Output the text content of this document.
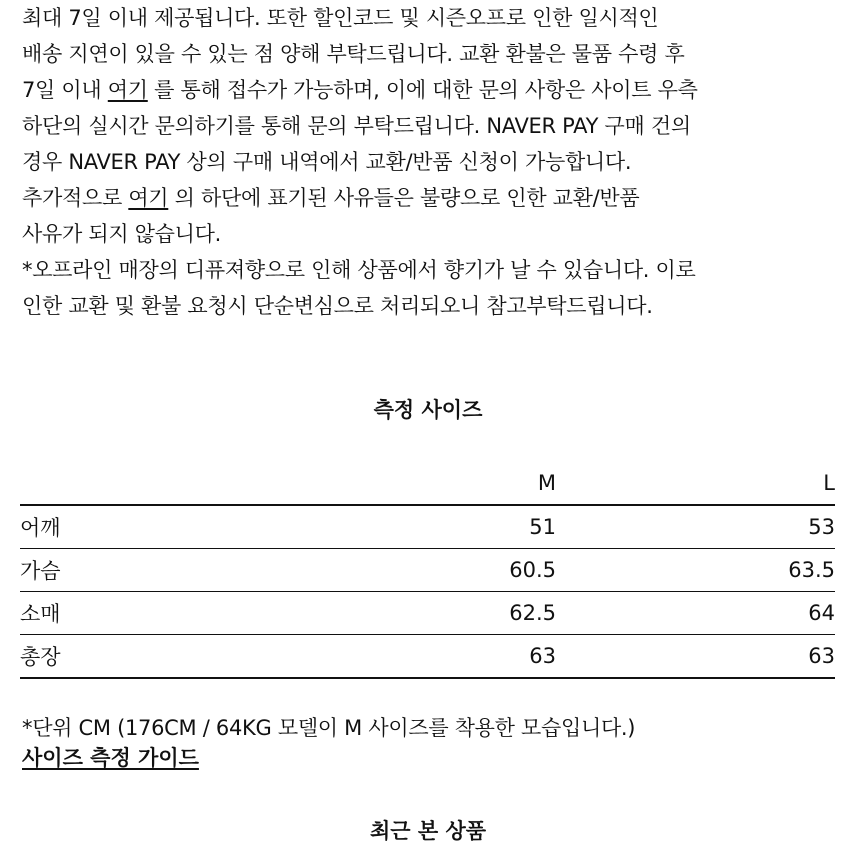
최대 7일 이내 제공됩니다. 또한 할인코드 및 시즌오프로 인한 일시적인
배송 지연이 있을 수 있는 점 양해 부탁드립니다. 교환 환불은 물품 수령 후
7일 이내 여기 를 통해 접수가 가능하며, 이에 대한 문의 사항은 사이트 우측
하단의 실시간 문의하기를 통해 문의 부탁드립니다. NAVER PAY 구매 건의
경우 NAVER PAY 상의 구매 내역에서 교환/반품 신청이 가능합니다.
추가적으로 여기 의 하단에 표기된 사유들은 불량으로 인한 교환/반품
사유가 되지 않습니다.
*오프라인 매장의 디퓨져향으로 인해 상품에서 향기가 날 수 있습니다. 이로
인한 교환 및 환불 요청시 단순변심으로 처리되오니 참고부탁드립니다.
측정 사이즈
	M	L
어깨	51	53
가슴	60.5	63.5
소매	62.5	64
총장	63	63
*단위 CM (176CM / 64KG 모델이 M 사이즈를 착용한 모습입니다.)
사이즈 측정 가이드
최근 본 상품
